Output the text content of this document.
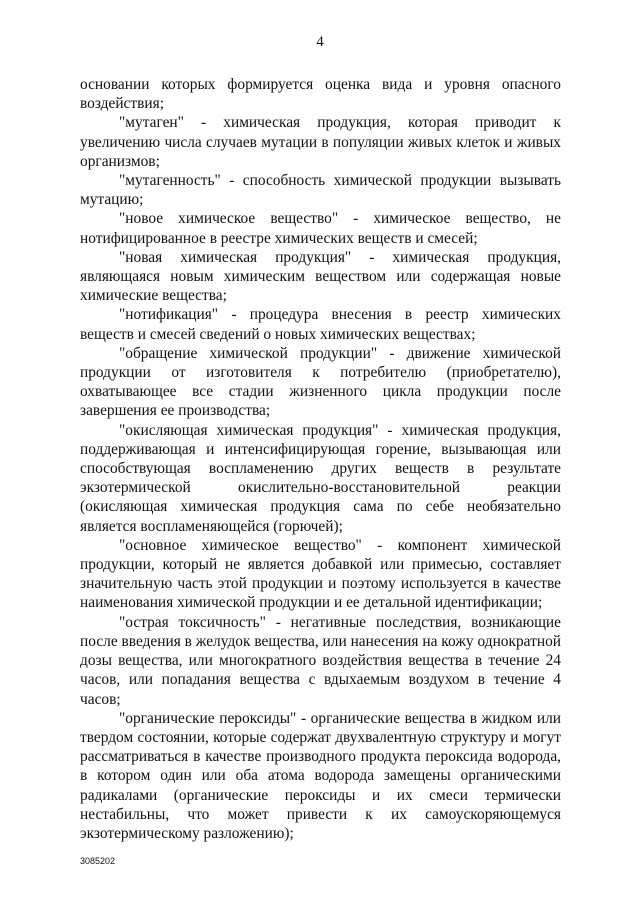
4

основании которых формируется оценка вида и уровня опасного воздействия;

"мутаген" - химическая продукция, которая приводит к увеличению числа случаев мутации в популяции живых клеток и живых организмов;

"мутагенность" - способность химической продукции вызывать мутацию;

"новое химическое вещество" - химическое вещество, не нотифицированное в реестре химических веществ и смесей;

"новая химическая продукция" - химическая продукция, являющаяся новым химическим веществом или содержащая новые химические вещества;

"нотификация" - процедура внесения в реестр химических веществ и смесей сведений о новых химических веществах;

"обращение химической продукции" - движение химической продукции от изготовителя к потребителю (приобретателю), охватывающее все стадии жизненного цикла продукции после завершения ее производства;

"окисляющая химическая продукция" - химическая продукция, поддерживающая и интенсифицирующая горение, вызывающая или способствующая воспламенению других веществ в результате экзотермической окислительно-восстановительной реакции (окисляющая химическая продукция сама по себе необязательно является воспламеняющейся (горючей);

"основное химическое вещество" - компонент химической продукции, который не является добавкой или примесью, составляет значительную часть этой продукции и поэтому используется в качестве наименования химической продукции и ее детальной идентификации;

"острая токсичность" - негативные последствия, возникающие после введения в желудок вещества, или нанесения на кожу однократной дозы вещества, или многократного воздействия вещества в течение 24 часов, или попадания вещества с вдыхаемым воздухом в течение 4 часов;

"органические пероксиды" - органические вещества в жидком или твердом состоянии, которые содержат двухвалентную структуру и могут рассматриваться в качестве производного продукта пероксида водорода, в котором один или оба атома водорода замещены органическими радикалами (органические пероксиды и их смеси термически нестабильны, что может привести к их самоускоряющемуся экзотермическому разложению);

3085202
